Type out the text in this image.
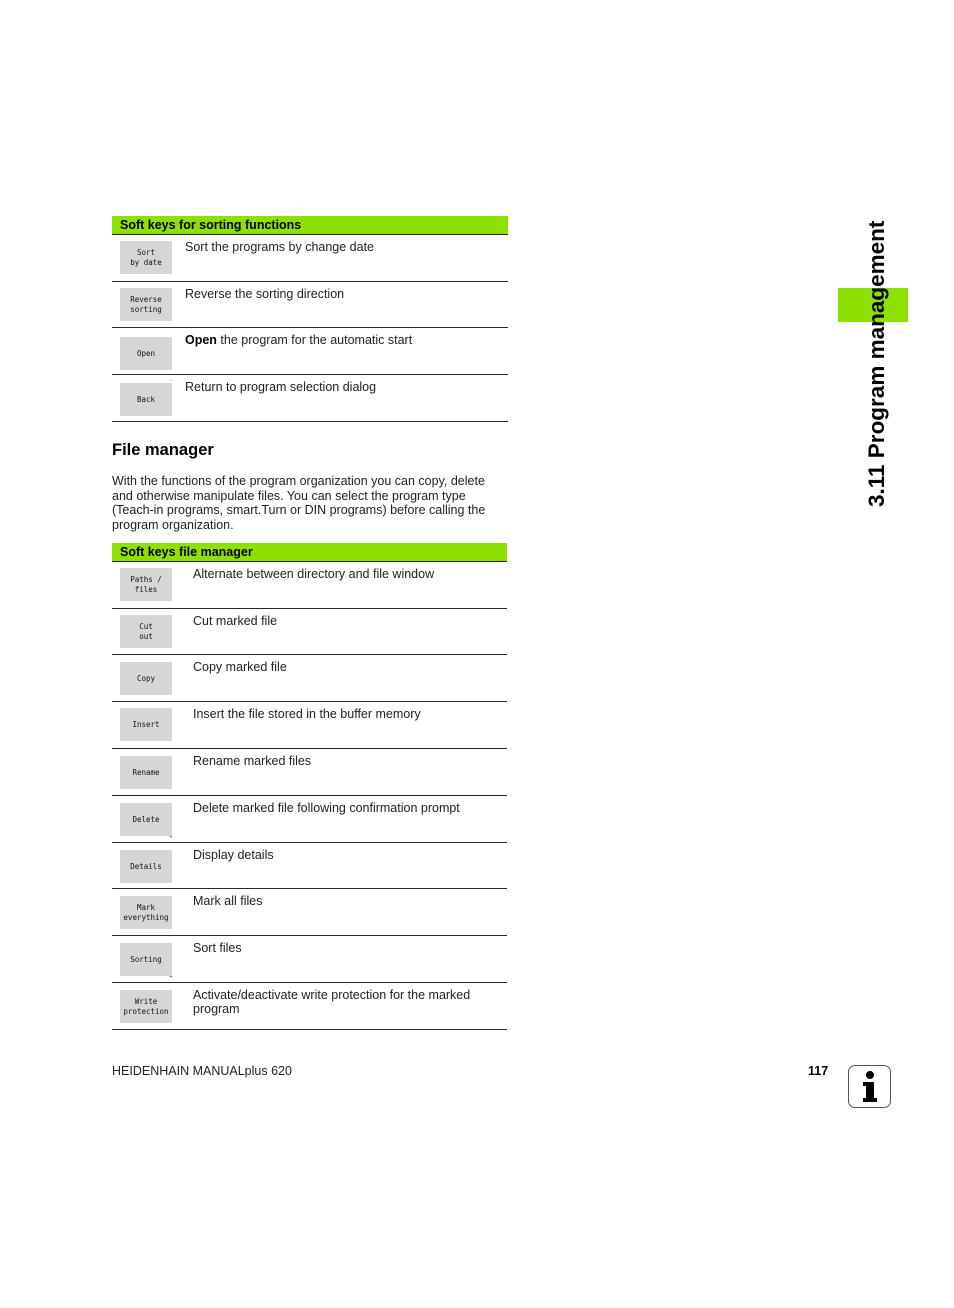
Soft keys for sorting functions
Sort
by date
Sort the programs by change date
Reverse
sorting
Reverse the sorting direction
Open
Open the program for the automatic start
Back
˙ Return to program selection dialog
File manager
With the functions of the program organization you can copy, delete and otherwise manipulate files. You can select the program type (Teach-in programs, smart.Turn or DIN programs) before calling the program organization.
Soft keys file manager
Paths /
files
Alternate between directory and file window
Cut
out
Cut marked file
Copy
Copy marked file
Insert
Insert the file stored in the buffer memory
Rename
Rename marked files
Delete
ˍ
Delete marked file following confirmation prompt
Details
Display details
Mark
everything
Mark all files
Sorting
ˍ
Sort files
Write
protection
Activate/deactivate write protection for the marked program
3.11 Program management
HEIDENHAIN MANUALplus 620	117
